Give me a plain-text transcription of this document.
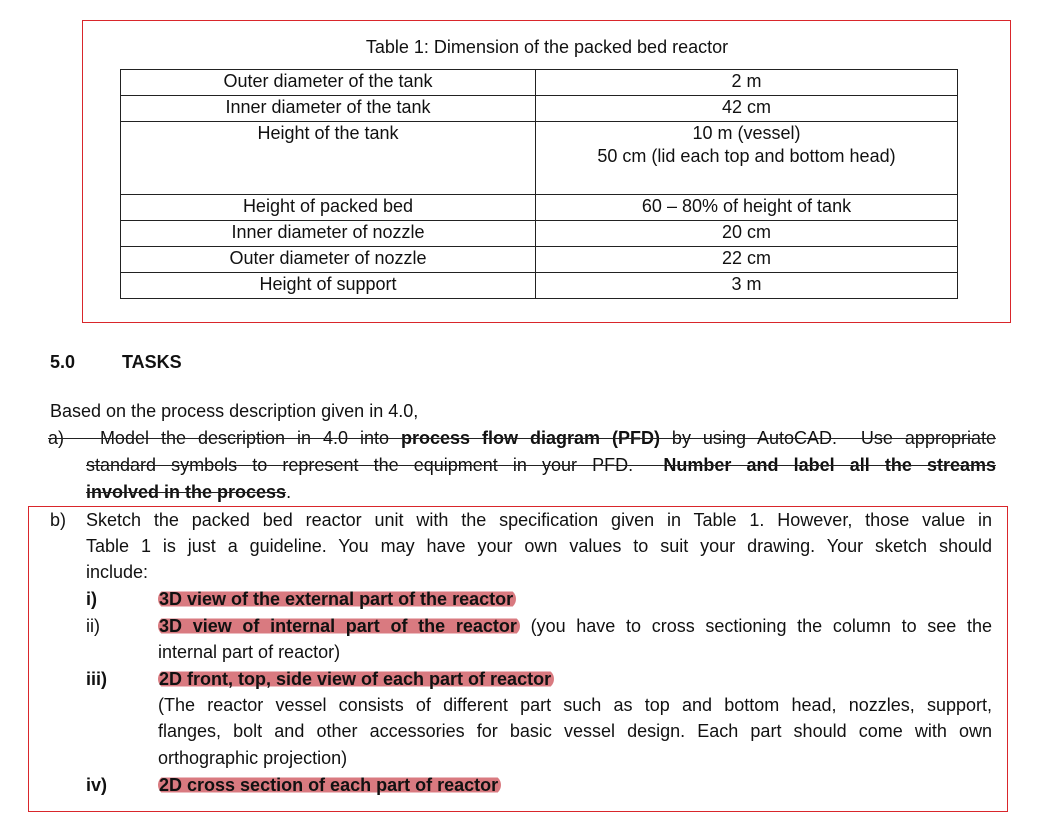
Table 1: Dimension of the packed bed reactor
Outer diameter of the tank	2 m
Inner diameter of the tank	42 cm
Height of the tank	10 m (vessel)
50 cm (lid each top and bottom head)

Height of packed bed	60 – 80% of height of tank
Inner diameter of nozzle	20 cm
Outer diameter of nozzle	22 cm
Height of support	3 m
5.0	TASKS
Based on the process description given in 4.0,
a)   Model the description in 4.0 into process flow diagram (PFD) by using AutoCAD.  Use appropriate
standard symbols to represent the equipment in your PFD.  Number and label all the streams
involved in the process.
b) Sketch the packed bed reactor unit with the specification given in Table 1. However, those value in
Table 1 is just a guideline. You may have your own values to suit your drawing. Your sketch should
include:
i)	3D view of the external part of the reactor
ii)	3D view of internal part of the reactor (you have to cross sectioning the column to see the
internal part of reactor)
iii)	2D front, top, side view of each part of reactor
(The reactor vessel consists of different part such as top and bottom head, nozzles, support,
flanges, bolt and other accessories for basic vessel design. Each part should come with own
orthographic projection)
iv)	2D cross section of each part of reactor
